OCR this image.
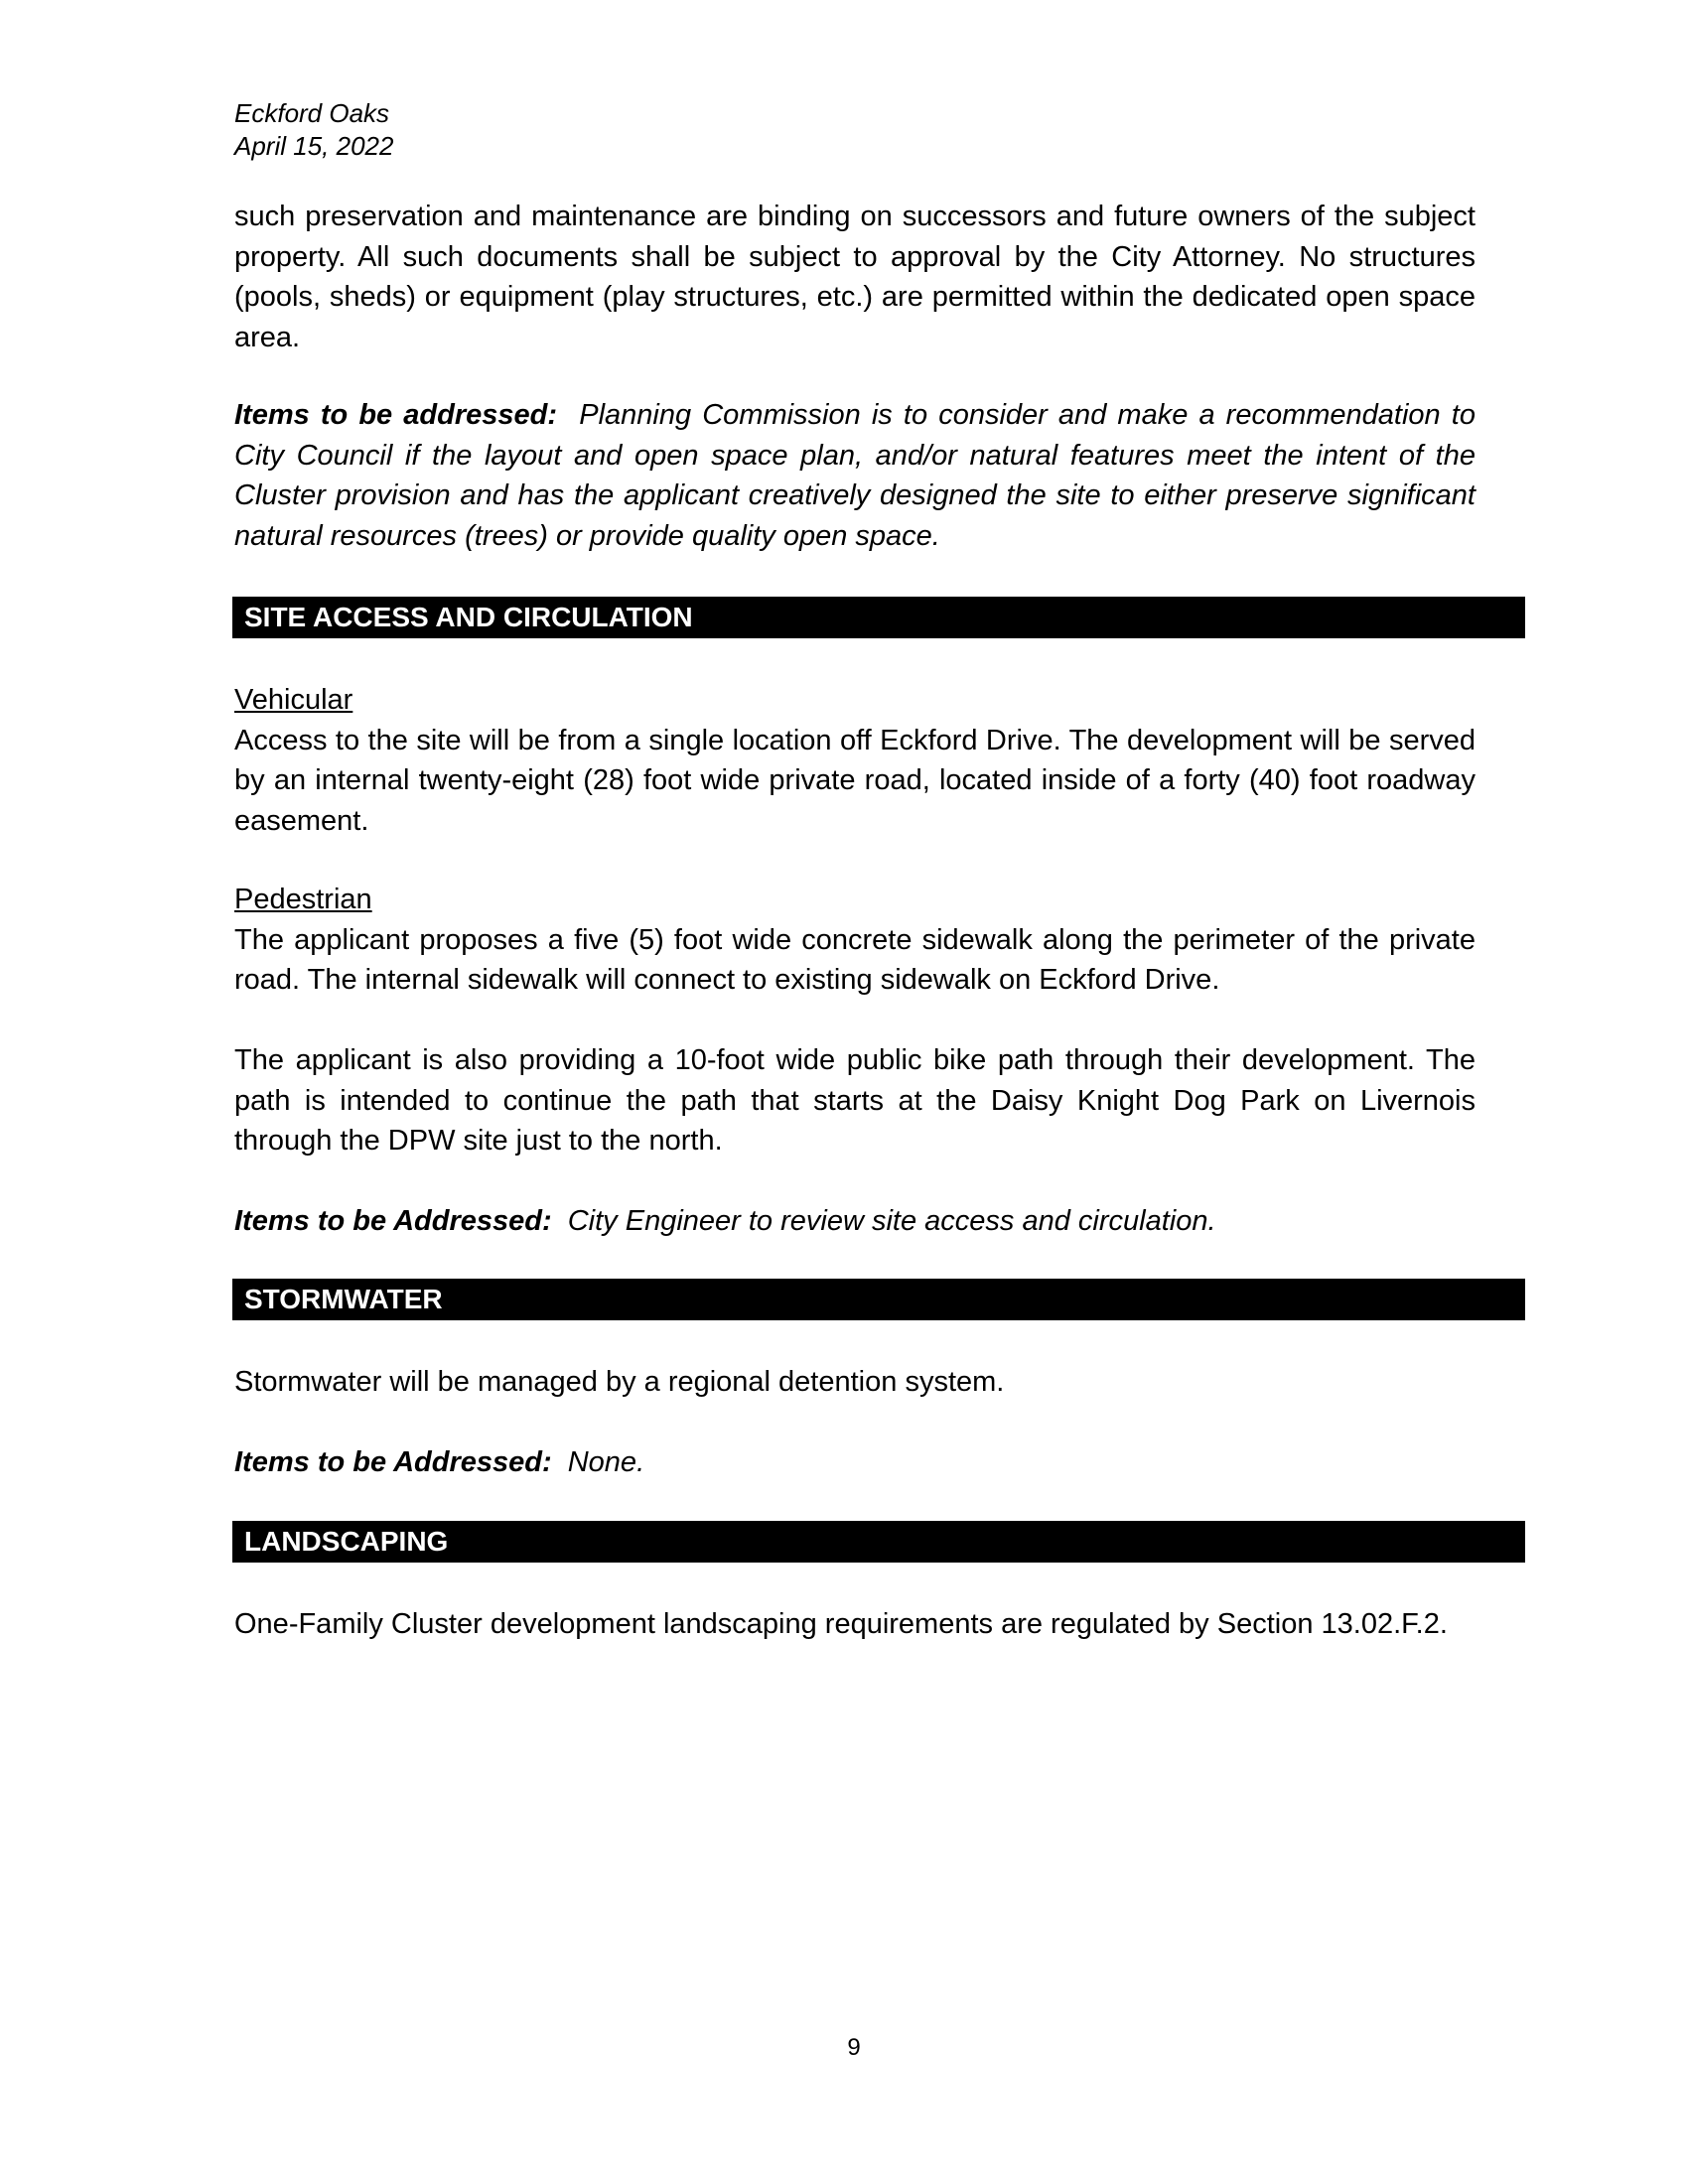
Eckford Oaks
April 15, 2022
such preservation and maintenance are binding on successors and future owners of the subject property. All such documents shall be subject to approval by the City Attorney. No structures (pools, sheds) or equipment (play structures, etc.) are permitted within the dedicated open space area.
Items to be addressed: Planning Commission is to consider and make a recommendation to City Council if the layout and open space plan, and/or natural features meet the intent of the Cluster provision and has the applicant creatively designed the site to either preserve significant natural resources (trees) or provide quality open space.
SITE ACCESS AND CIRCULATION
Vehicular
Access to the site will be from a single location off Eckford Drive. The development will be served by an internal twenty-eight (28) foot wide private road, located inside of a forty (40) foot roadway easement.
Pedestrian
The applicant proposes a five (5) foot wide concrete sidewalk along the perimeter of the private road. The internal sidewalk will connect to existing sidewalk on Eckford Drive.
The applicant is also providing a 10-foot wide public bike path through their development. The path is intended to continue the path that starts at the Daisy Knight Dog Park on Livernois through the DPW site just to the north.
Items to be Addressed: City Engineer to review site access and circulation.
STORMWATER
Stormwater will be managed by a regional detention system.
Items to be Addressed: None.
LANDSCAPING
One-Family Cluster development landscaping requirements are regulated by Section 13.02.F.2.
9
